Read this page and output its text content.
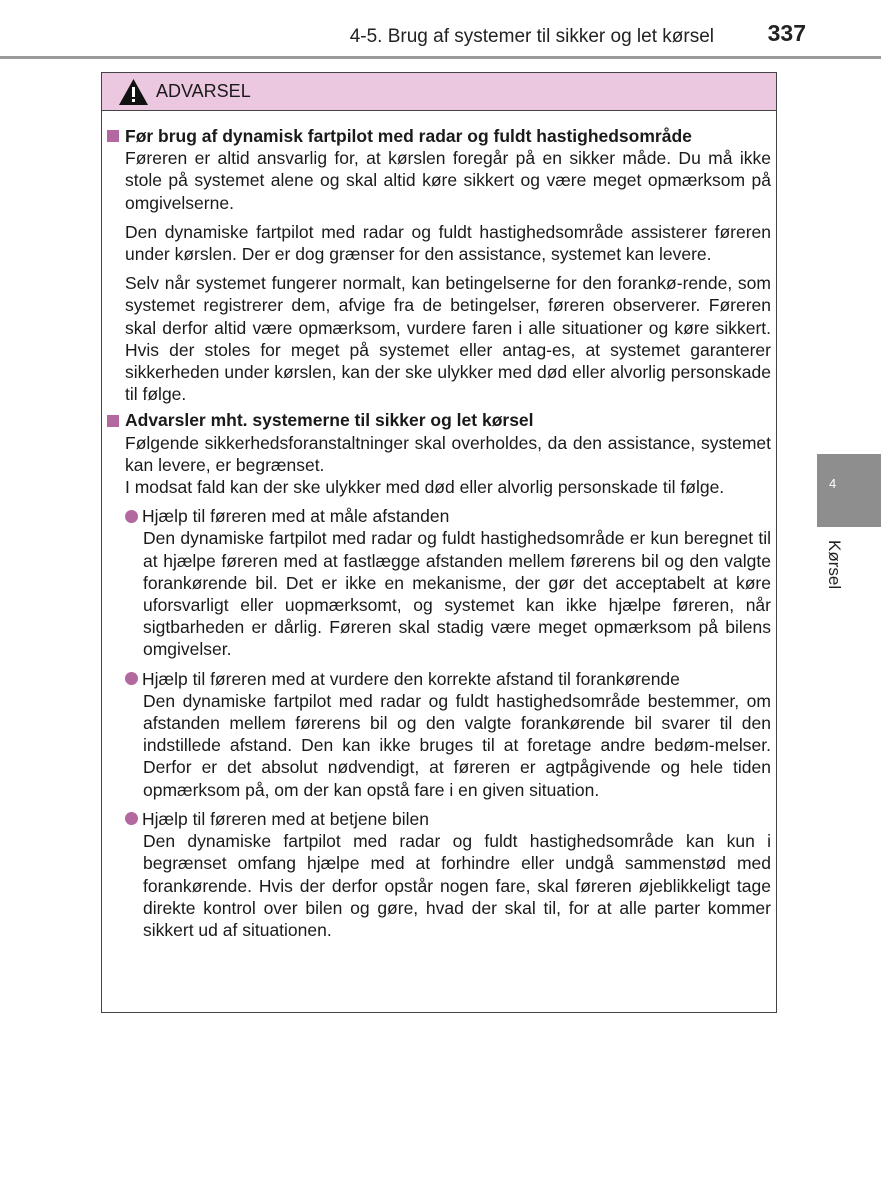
4-5. Brug af systemer til sikker og let kørsel 337
ADVARSEL
Før brug af dynamisk fartpilot med radar og fuldt hastighedsområde

Føreren er altid ansvarlig for, at kørslen foregår på en sikker måde. Du må ikke stole på systemet alene og skal altid køre sikkert og være meget opmærksom på omgivelserne.

Den dynamiske fartpilot med radar og fuldt hastighedsområde assisterer føreren under kørslen. Der er dog grænser for den assistance, systemet kan levere.

Selv når systemet fungerer normalt, kan betingelserne for den forankø-rende, som systemet registrerer dem, afvige fra de betingelser, føreren observerer. Føreren skal derfor altid være opmærksom, vurdere faren i alle situationer og køre sikkert. Hvis der stoles for meget på systemet eller antag-es, at systemet garanterer sikkerheden under kørslen, kan der ske ulykker med død eller alvorlig personskade til følge.

Advarsler mht. systemerne til sikker og let kørsel

Følgende sikkerhedsforanstaltninger skal overholdes, da den assistance, systemet kan levere, er begrænset.

I modsat fald kan der ske ulykker med død eller alvorlig personskade til følge.

Hjælp til føreren med at måle afstanden

Den dynamiske fartpilot med radar og fuldt hastighedsområde er kun beregnet til at hjælpe føreren med at fastlægge afstanden mellem førerens bil og den valgte forankørende bil. Det er ikke en mekanisme, der gør det acceptabelt at køre uforsvarligt eller uopmærksomt, og systemet kan ikke hjælpe føreren, når sigtbarheden er dårlig. Føreren skal stadig være meget opmærksom på bilens omgivelser.

Hjælp til føreren med at vurdere den korrekte afstand til forankørende

Den dynamiske fartpilot med radar og fuldt hastighedsområde bestemmer, om afstanden mellem førerens bil og den valgte forankørende bil svarer til den indstillede afstand. Den kan ikke bruges til at foretage andre bedøm-melser. Derfor er det absolut nødvendigt, at føreren er agtpågivende og hele tiden opmærksom på, om der kan opstå fare i en given situation.

Hjælp til føreren med at betjene bilen

Den dynamiske fartpilot med radar og fuldt hastighedsområde kan kun i begrænset omfang hjælpe med at forhindre eller undgå sammenstød med forankørende. Hvis der derfor opstår nogen fare, skal føreren øjeblikkeligt tage direkte kontrol over bilen og gøre, hvad der skal til, for at alle parter kommer sikkert ud af situationen.

4
Kørsel
